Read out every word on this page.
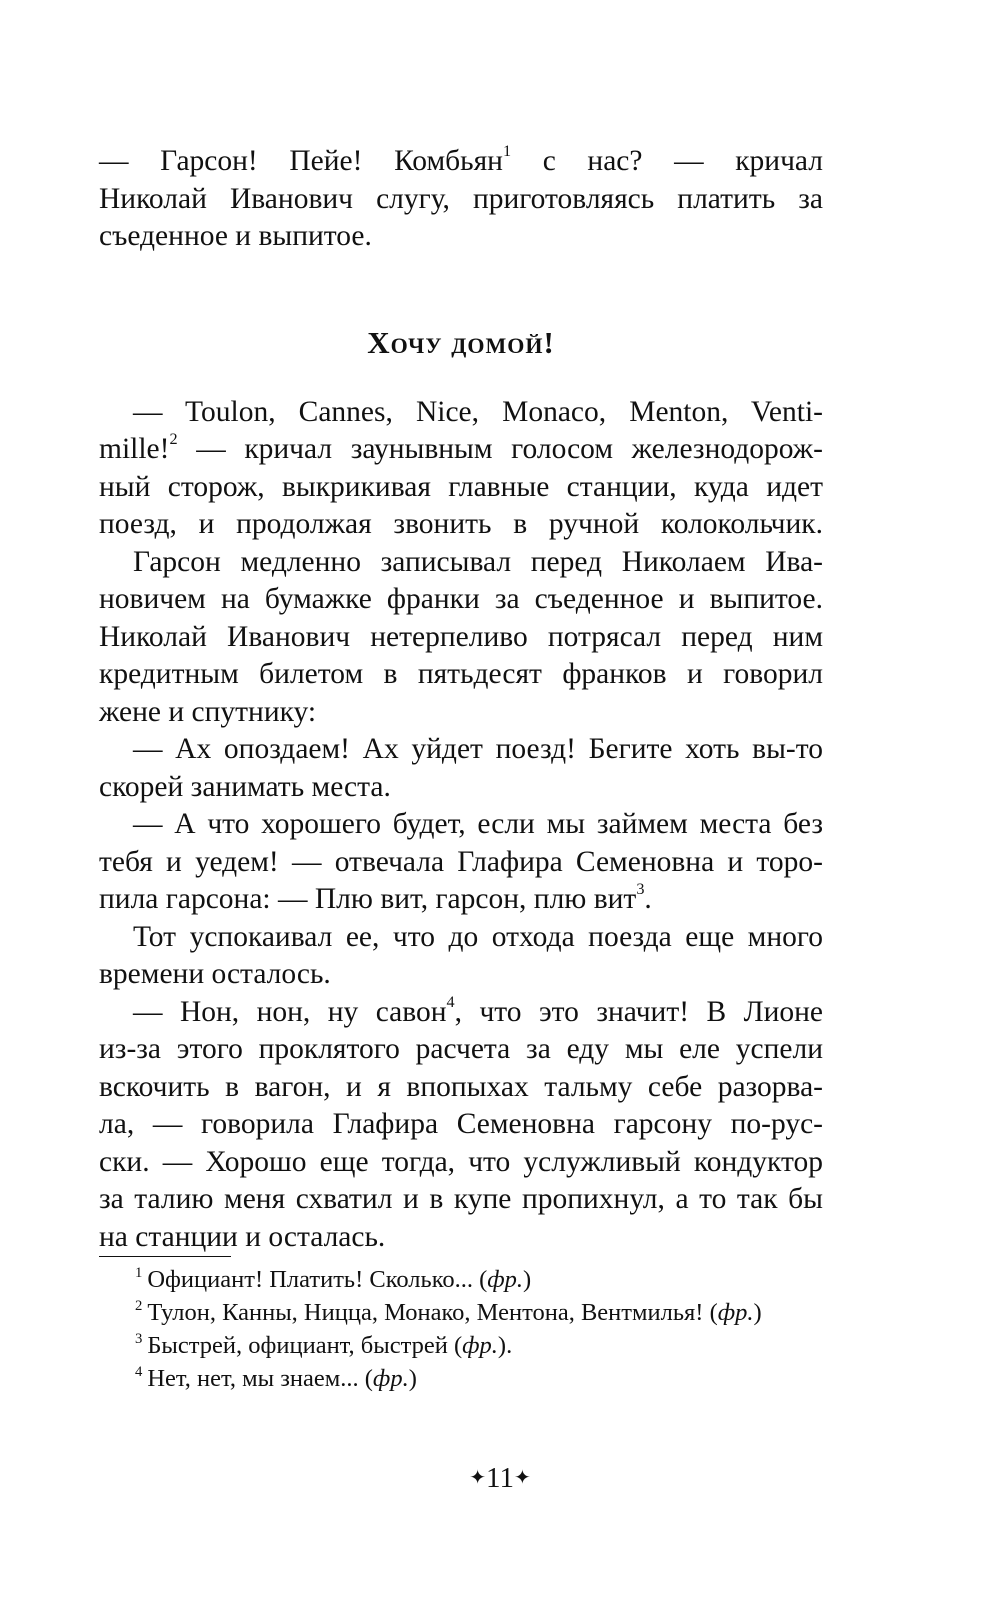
— Гарсон! Пейе! Комбьян$^1$ с нас? — кричал

Николай Иванович слугу, приготовляясь платить за

съеденное и выпитое.

Хочу домой!

— Toulon, Cannes, Nice, Monaco, Menton, Venti-

mille!$^2$ — кричал заунывным голосом железнодорож-

ный сторож, выкрикивая главные станции, куда идет

поезд, и продолжая звонить в ручной колокольчик.

Гарсон медленно записывал перед Николаем Ива-

новичем на бумажке франки за съеденное и выпитое.

Николай Иванович нетерпеливо потрясал перед ним

кредитным билетом в пятьдесят франков и говорил

жене и спутнику:

— Ах опоздаем! Ах уйдет поезд! Бегите хоть вы-то

скорей занимать места.

— А что хорошего будет, если мы займем места без

тебя и уедем! — отвечала Глафира Семеновна и торо-

пила гарсона: — Плю вит, гарсон, плю вит$^3$.

Тот успокаивал ее, что до отхода поезда еще много

времени осталось.

— Нон, нон, ну савон$^4$, что это значит! В Лионе

из-за этого проклятого расчета за еду мы еле успели

вскочить в вагон, и я впопыхах тальму себе разорва-

ла, — говорила Глафира Семеновна гарсону по-рус-

ски. — Хорошо еще тогда, что услужливый кондуктор

за талию меня схватил и в купе пропихнул, а то так бы

на станции и осталась.

$^1$ Официант! Платить! Сколько... (фр.)

$^2$ Тулон, Канны, Ницца, Монако, Ментона, Вентмилья! (фр.)

$^3$ Быстрей, официант, быстрей (фр.).

$^4$ Нет, нет, мы знаем... (фр.)

✦11✦
